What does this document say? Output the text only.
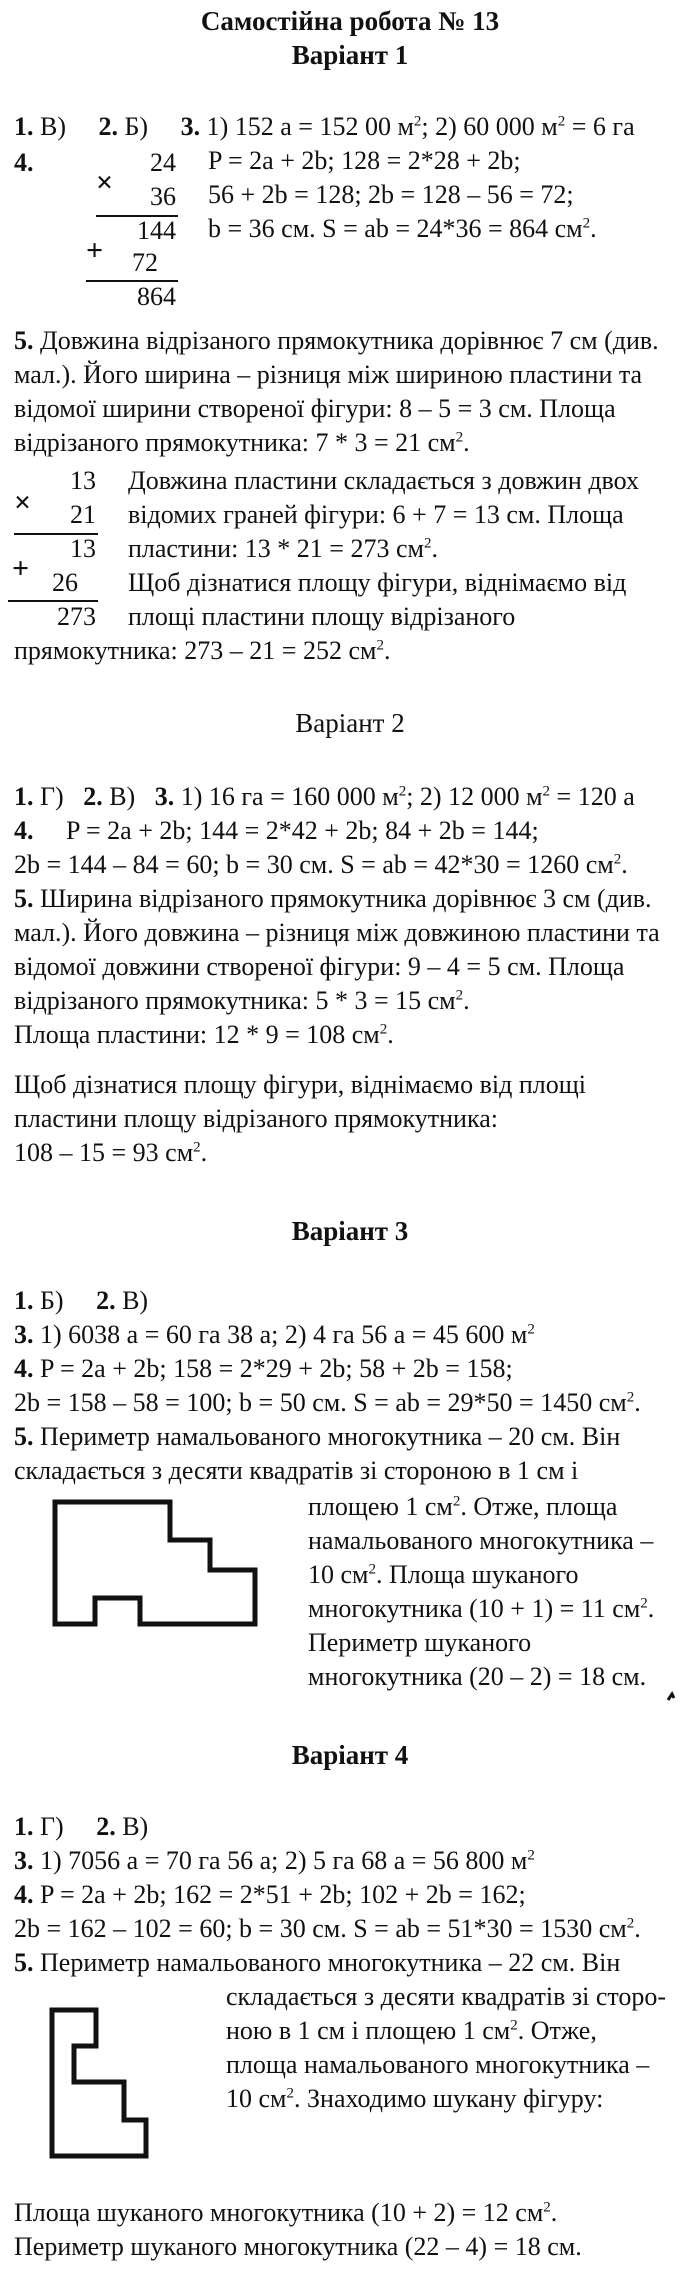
Самостійна робота № 13
Варіант 1
1. В) 2. Б) 3. 1) 152 а = 152 00 $м^2$; 2) 60 000 $м^2 = 6$ га
4.	24
×	36
144
+	72
864
P = 2a + 2b; 128 = 2*28 + 2b;
56 + 2b = 128; 2b = 128 – 56 = 72;
b = 36 см. S = ab = 24*36 = 864 $см^2$.
5. Довжина відрізаного прямокутника дорівнює 7 см (див.
мал.). Його ширина – різниця між шириною пластини та
відомої ширини створеної фігури: 8 – 5 = 3 см. Площа
відрізаного прямокутника: 7 * 3 = 21 $см^2$.
13
×	21
13
+ 26
273
Довжина пластини складається з довжин двох
відомих граней фігури: 6 + 7 = 13 см. Площа
пластини: 13 * 21 = 273 $см^2$.
Щоб дізнатися площу фігури, віднімаємо від
площі пластини площу відрізаного
прямокутника: 273 – 21 = 252 $см^2$.
Варіант 2
1. Г) 2. В) 3. 1) 16 га = 160 000 $м^2$; 2) 12 000 $м^2 = 120$ а
4. P = 2a + 2b; 144 = 2*42 + 2b; 84 + 2b = 144;
2b = 144 – 84 = 60; b = 30 см. S = ab = 42*30 = 1260 $см^2$.
5. Ширина відрізаного прямокутника дорівнює 3 см (див.
мал.). Його довжина – різниця між довжиною пластини та
відомої довжини створеної фігури: 9 – 4 = 5 см. Площа
відрізаного прямокутника: 5 * 3 = 15 $см^2$.
Площа пластини: 12 * 9 = 108 $см^2$.
Щоб дізнатися площу фігури, віднімаємо від площі
пластини площу відрізаного прямокутника:
108 – 15 = 93 $см^2$.
Варіант 3
1. Б) 2. В)
3. 1) 6038 а = 60 га 38 а; 2) 4 га 56 а = 45 600 $м^2$
4. P = 2a + 2b; 158 = 2*29 + 2b; 58 + 2b = 158;
2b = 158 – 58 = 100; b = 50 см. S = ab = 29*50 = 1450 $см^2$.
5. Периметр намальованого многокутника – 20 см. Він
складається з десяти квадратів зі стороною в 1 см і
площею 1 $см^2$. Отже, площа
намальованого многокутника –
10 $см^2$. Площа шуканого
многокутника (10 + 1) = 11 $см^2$.
Периметр шуканого
многокутника (20 – 2) = 18 см.
Варіант 4
1. Г) 2. В)
3. 1) 7056 а = 70 га 56 а; 2) 5 га 68 а = 56 800 $м^2$
4. P = 2a + 2b; 162 = 2*51 + 2b; 102 + 2b = 162;
2b = 162 – 102 = 60; b = 30 см. S = ab = 51*30 = 1530 $см^2$.
5. Периметр намальованого многокутника – 22 см. Він
складається з десяти квадратів зі сторо-
ною в 1 см і площею 1 $см^2$. Отже,
площа намальованого многокутника –
10 $см^2$. Знаходимо шукану фігуру:
Площа шуканого многокутника (10 + 2) = 12 $см^2$.
Периметр шуканого многокутника (22 – 4) = 18 см.
